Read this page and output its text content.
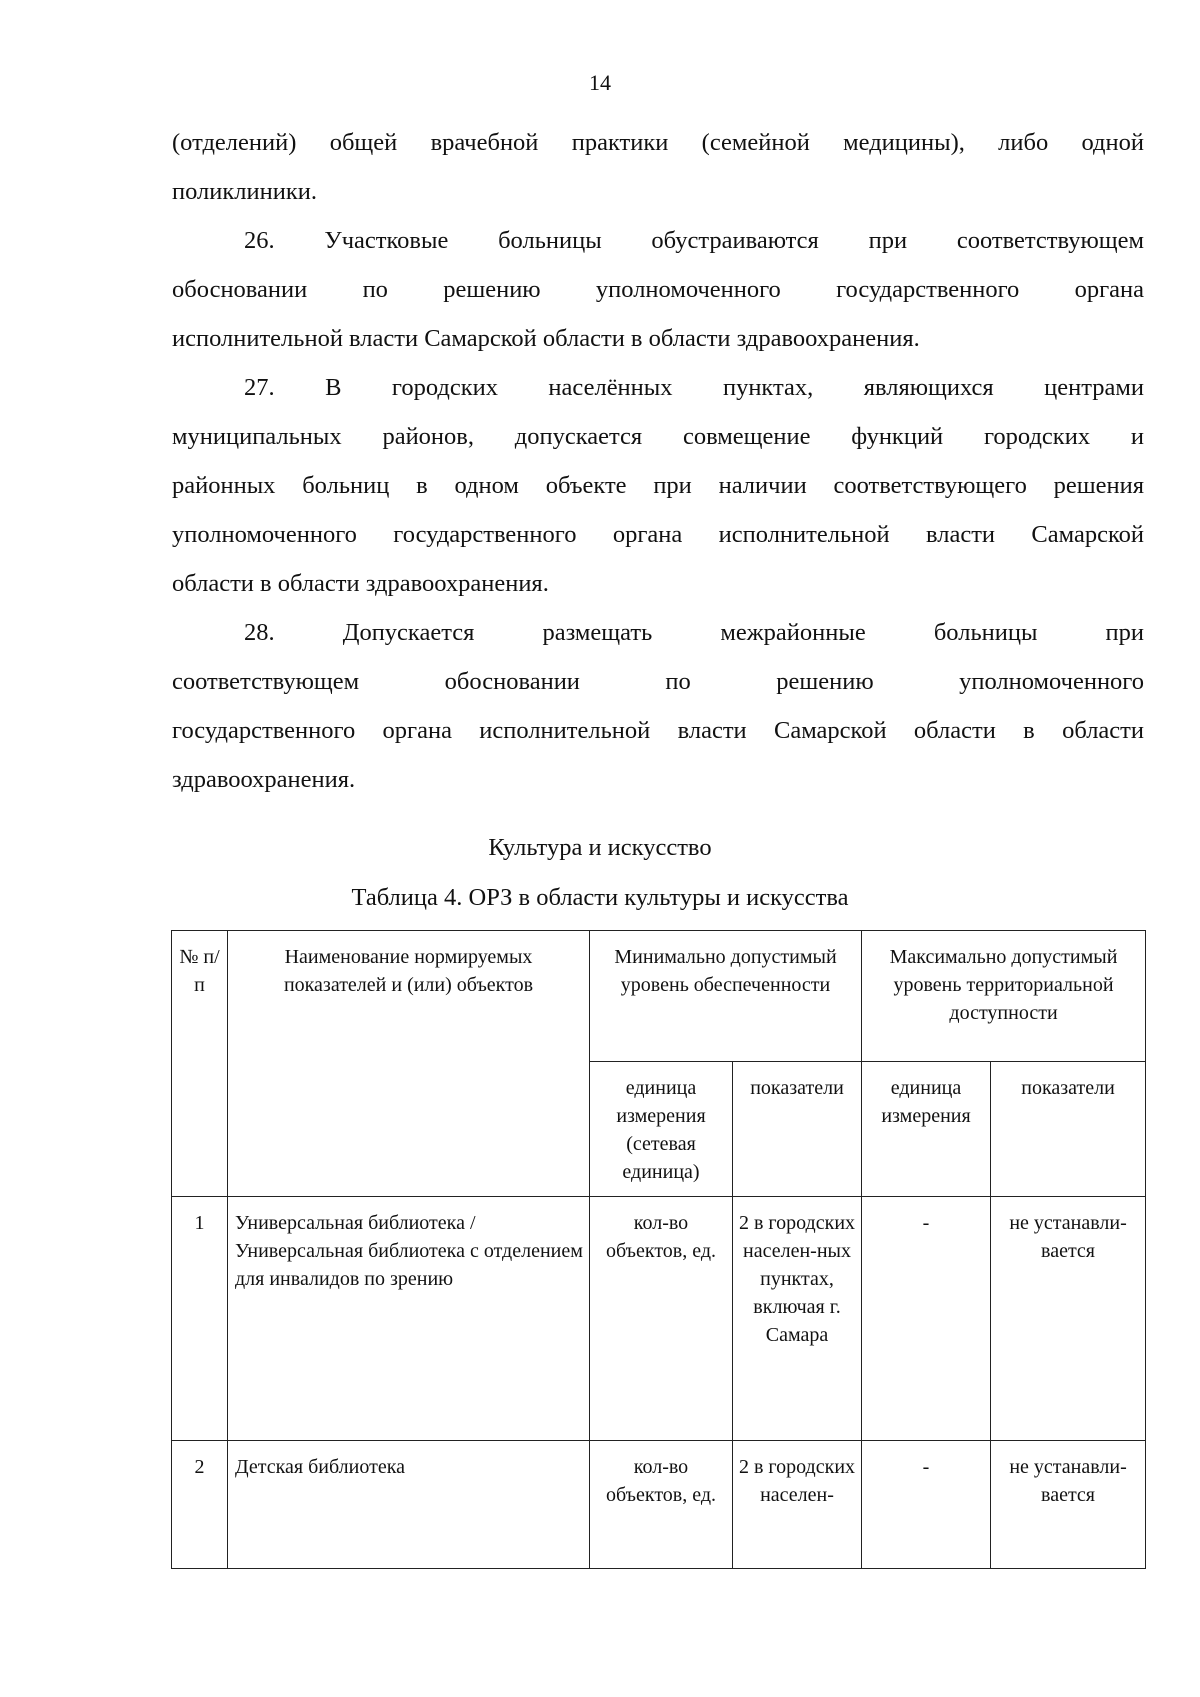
14
(отделений) общей врачебной практики (семейной медицины), либо одной
поликлиники.
26. Участковые больницы обустраиваются при соответствующем
обосновании по решению уполномоченного государственного органа
исполнительной власти Самарской области в области здравоохранения.
27. В городских населённых пунктах, являющихся центрами
муниципальных районов, допускается совмещение функций городских и
районных больниц в одном объекте при наличии соответствующего решения
уполномоченного государственного органа исполнительной власти Самарской
области в области здравоохранения.
28. Допускается размещать межрайонные больницы при
соответствующем обосновании по решению уполномоченного
государственного органа исполнительной власти Самарской области в области
здравоохранения.
Культура и искусство
Таблица 4. ОРЗ в области культуры и искусства
№ п/п	Наименование нормируемых показателей и (или) объектов	Минимально допустимый уровень обеспеченности		Максимально допустимый уровень территориальной доступности	
		единица измерения (сетевая единица)	показатели	единица измерения	показатели
1	Универсальная библиотека / Универсальная библиотека с отделением для инвалидов по зрению	кол-во объектов, ед.	2 в городских населен-ных пунктах, включая г. Самара	-	не устанавли-вается
2	Детская библиотека	кол-во объектов, ед.	2 в городских населен-	-	не устанавли-вается
